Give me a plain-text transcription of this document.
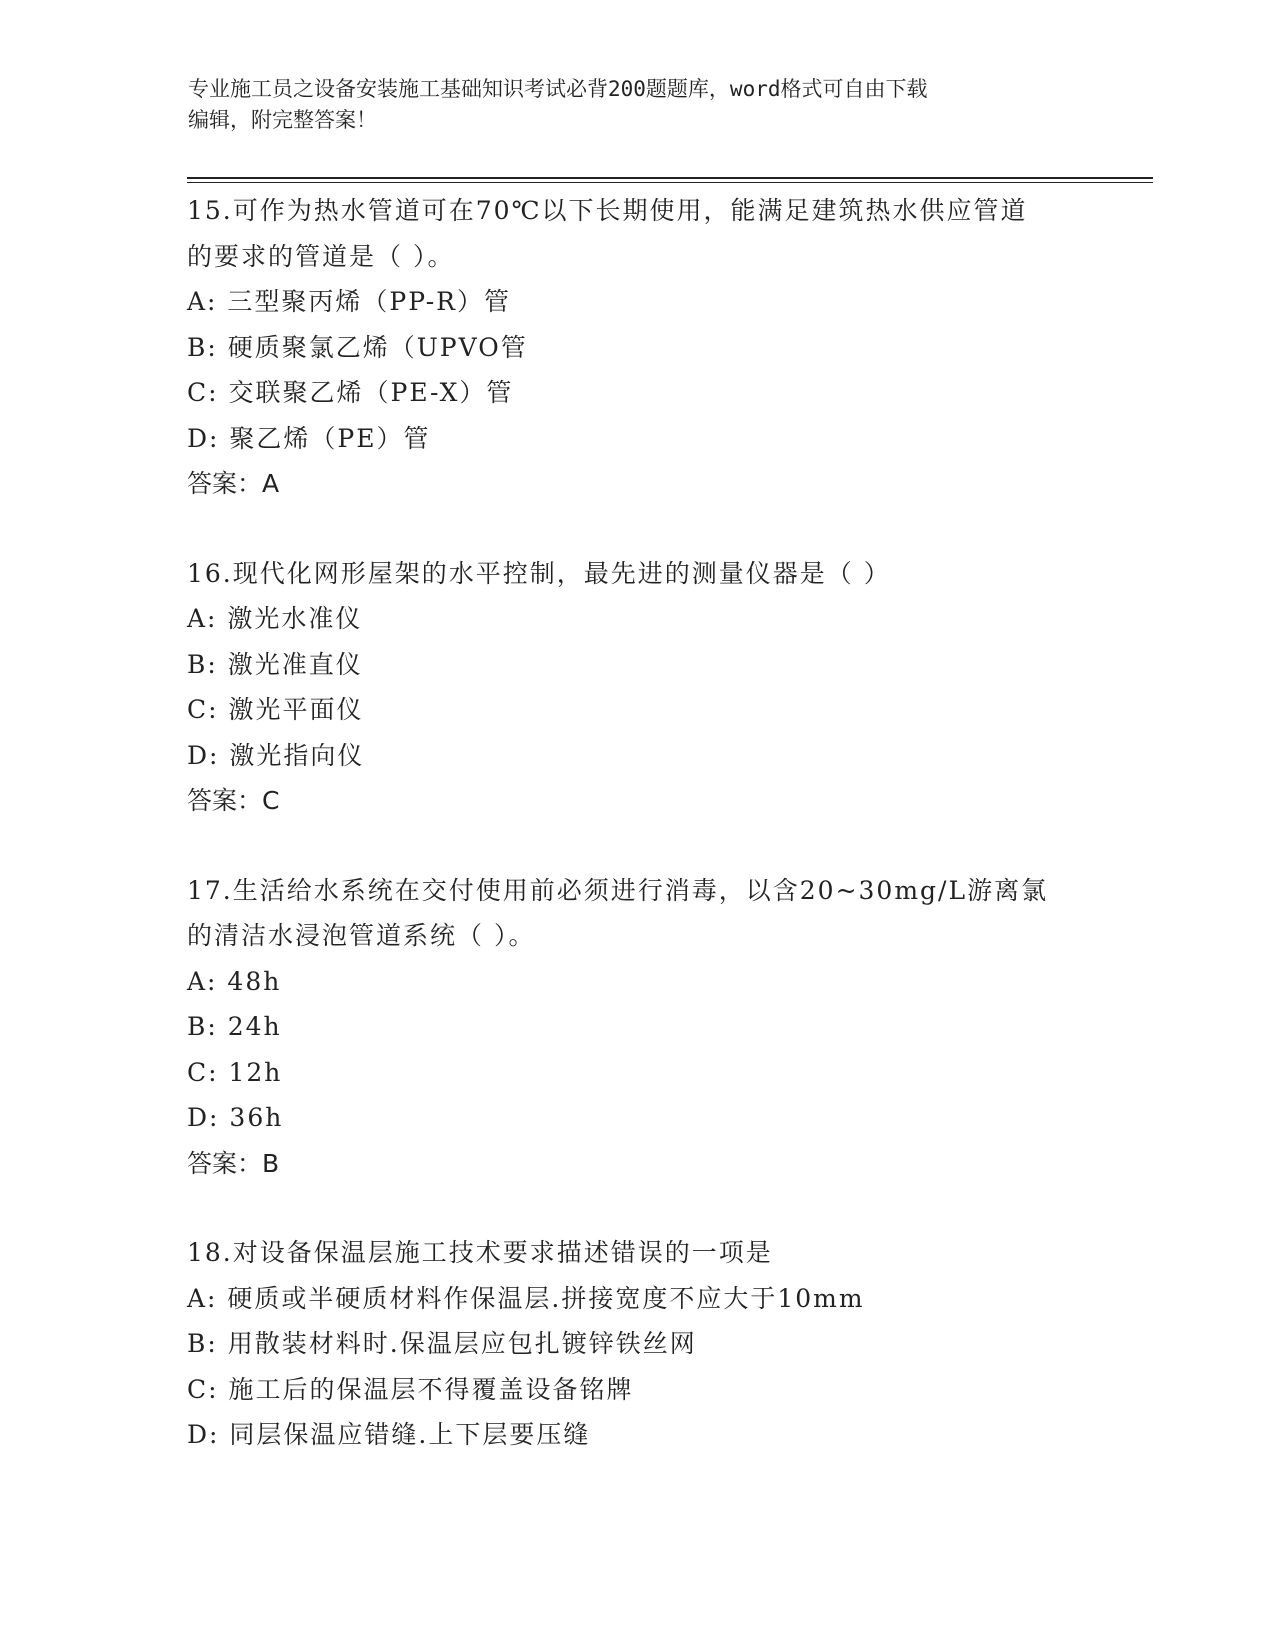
专业施工员之设备安装施工基础知识考试必背200题题库，word格式可自由下载
编辑，附完整答案！
15.可作为热水管道可在70℃以下长期使用，能满足建筑热水供应管道
的要求的管道是（ ）。
A: 三型聚丙烯（PP-R）管
B: 硬质聚氯乙烯（UPVO管
C: 交联聚乙烯（PE-X）管
D: 聚乙烯（PE）管
答案：A
16.现代化网形屋架的水平控制，最先进的测量仪器是（ ）
A: 激光水准仪
B: 激光准直仪
C: 激光平面仪
D: 激光指向仪
答案：C
17.生活给水系统在交付使用前必须进行消毒，以含20~30mg/L游离氯
的清洁水浸泡管道系统（ ）。
A: 48h
B: 24h
C: 12h
D: 36h
答案：B
18.对设备保温层施工技术要求描述错误的一项是
A: 硬质或半硬质材料作保温层.拼接宽度不应大于10mm
B: 用散装材料时.保温层应包扎镀锌铁丝网
C: 施工后的保温层不得覆盖设备铭牌
D: 同层保温应错缝.上下层要压缝
